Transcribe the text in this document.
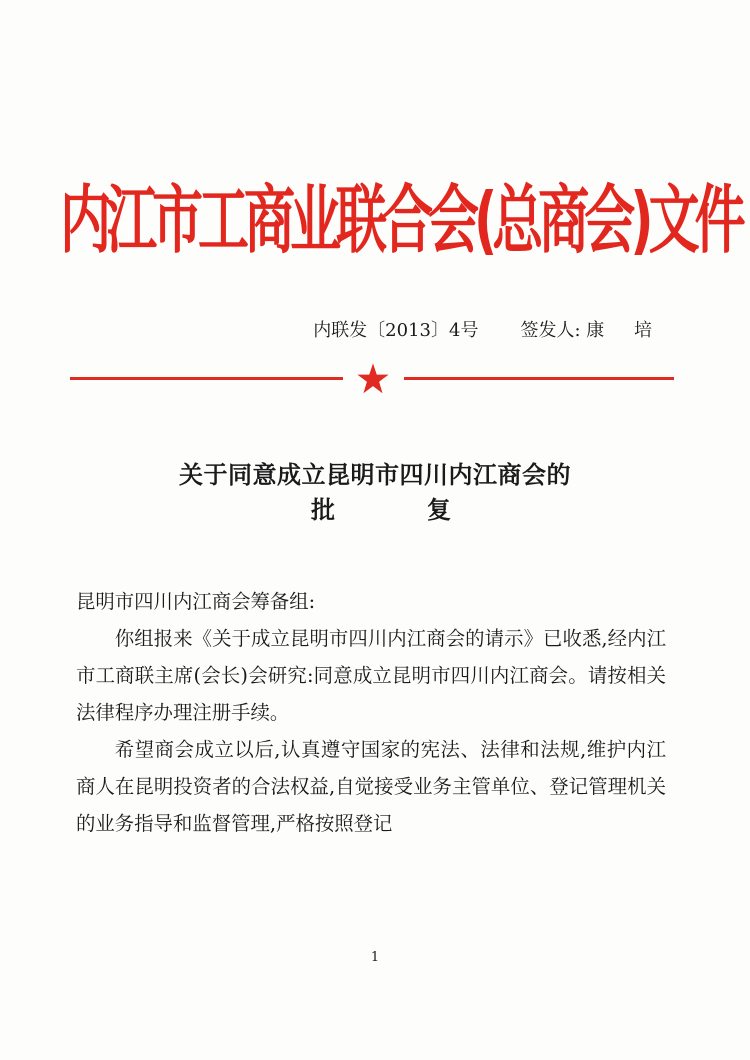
内江市工商业联合会(总商会)文件
内联发〔2013〕4号 签发人: 康 培
关于同意成立昆明市四川内江商会的
批	复

昆明市四川内江商会筹备组:

你组报来《关于成立昆明市四川内江商会的请示》已收悉,经内江市工商联主席(会长)会研究:同意成立昆明市四川内江商会。请按相关法律程序办理注册手续。

希望商会成立以后,认真遵守国家的宪法、法律和法规,维护内江商人在昆明投资者的合法权益,自觉接受业务主管单位、登记管理机关的业务指导和监督管理,严格按照登记

1
